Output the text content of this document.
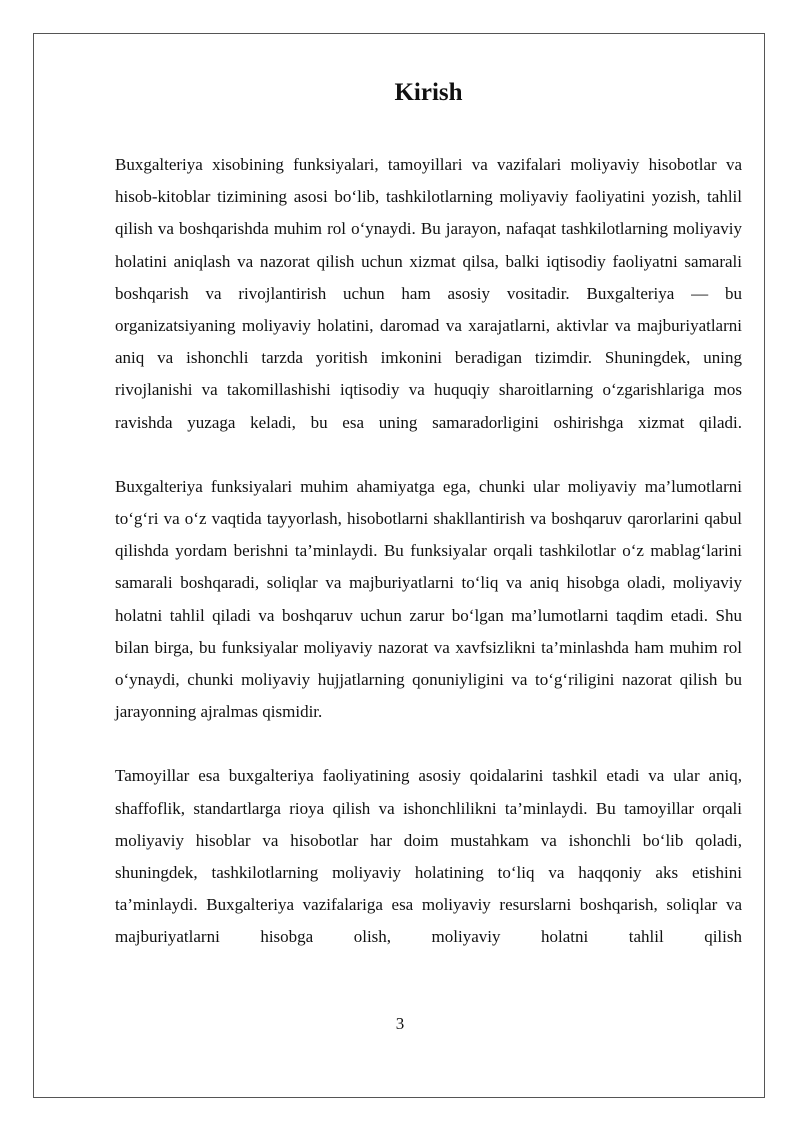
Kirish

Buxgalteriya xisobining funksiyalari, tamoyillari va vazifalari moliyaviy hisobotlar va hisob-kitoblar tizimining asosi bo‘lib, tashkilotlarning moliyaviy faoliyatini yozish, tahlil qilish va boshqarishda muhim rol o‘ynaydi. Bu jarayon, nafaqat tashkilotlarning moliyaviy holatini aniqlash va nazorat qilish uchun xizmat qilsa, balki iqtisodiy faoliyatni samarali boshqarish va rivojlantirish uchun ham asosiy vositadir. Buxgalteriya — bu organizatsiyaning moliyaviy holatini, daromad va xarajatlarni, aktivlar va majburiyatlarni aniq va ishonchli tarzda yoritish imkonini beradigan tizimdir. Shuningdek, uning rivojlanishi va takomillashishi iqtisodiy va huquqiy sharoitlarning o‘zgarishlariga mos ravishda yuzaga keladi, bu esa uning samaradorligini oshirishga xizmat qiladi.

Buxgalteriya funksiyalari muhim ahamiyatga ega, chunki ular moliyaviy ma’lumotlarni to‘g‘ri va o‘z vaqtida tayyorlash, hisobotlarni shakllantirish va boshqaruv qarorlarini qabul qilishda yordam berishni ta’minlaydi. Bu funksiyalar orqali tashkilotlar o‘z mablag‘larini samarali boshqaradi, soliqlar va majburiyatlarni to‘liq va aniq hisobga oladi, moliyaviy holatni tahlil qiladi va boshqaruv uchun zarur bo‘lgan ma’lumotlarni taqdim etadi. Shu bilan birga, bu funksiyalar moliyaviy nazorat va xavfsizlikni ta’minlashda ham muhim rol o‘ynaydi, chunki moliyaviy hujjatlarning qonuniyligini va to‘g‘riligini nazorat qilish bu jarayonning ajralmas qismidir.

Tamoyillar esa buxgalteriya faoliyatining asosiy qoidalarini tashkil etadi va ular aniq, shaffoflik, standartlarga rioya qilish va ishonchlilikni ta’minlaydi. Bu tamoyillar orqali moliyaviy hisoblar va hisobotlar har doim mustahkam va ishonchli bo‘lib qoladi, shuningdek, tashkilotlarning moliyaviy holatining to‘liq va haqqoniy aks etishini ta’minlaydi. Buxgalteriya vazifalariga esa moliyaviy resurslarni boshqarish, soliqlar va majburiyatlarni hisobga olish, moliyaviy holatni tahlil qilish

3
